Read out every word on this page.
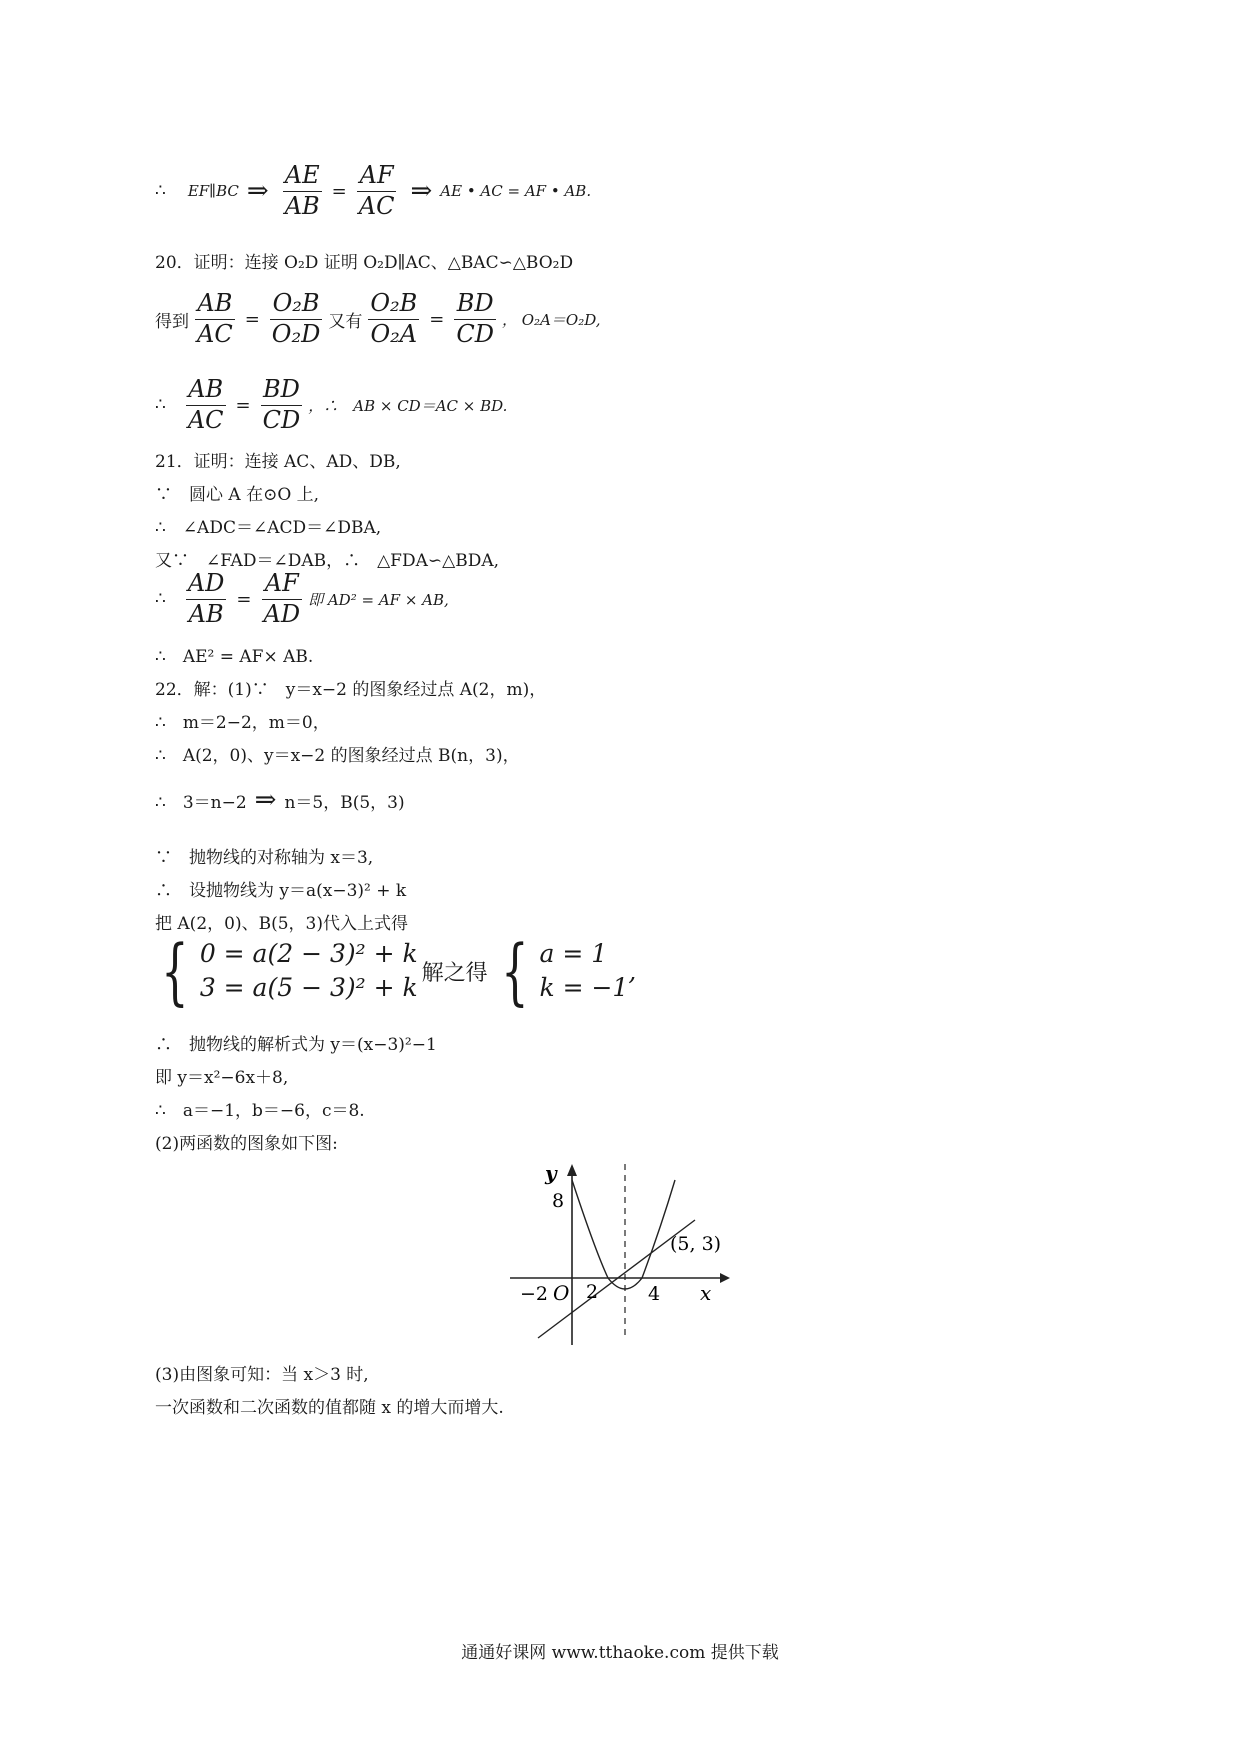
∴ EF∥BC ⇒ $\frac{AE}{AB} = \frac{AF}{AC}$ ⇒ AE • AC = AF • AB.
20．证明：连接 O₂D 证明 O₂D∥AC、△BAC∽△BO₂D
得到 $\frac{AB}{AC} = \frac{\text{O₂B}}{\text{O₂D}}$ 又有 $\frac{\text{O₂B}}{\text{O₂A}} = \frac{BD}{CD}$ ， O₂A＝O₂D,
∴ $\frac{AB}{AC} = \frac{BD}{CD}$ ，∴　AB × CD＝AC × BD.
21．证明：连接 AC、AD、DB,
∵　圆心 A 在⊙O 上,
∴　∠ADC＝∠ACD＝∠DBA,
又∵　∠FAD＝∠DAB，∴　△FDA∽△BDA,
∴ $\frac{AD}{AB} = \frac{AF}{AD}$ 即 AD² = AF × AB,
∴　AE² = AF× AB.
22．解：(1)∵　y＝x−2 的图象经过点 A(2，m)，
∴　m＝2−2，m＝0，
∴　A(2，0)、y＝x−2 的图象经过点 B(n，3)，
∴　3＝n−2 ⇒ n＝5，B(5，3)
∵　抛物线的对称轴为 x＝3,
∴　设抛物线为 y＝a(x−3)² + k
把 A(2，0)、B(5，3)代入上式得
{ 0 = a(2 − 3)² + k
3 = a(5 − 3)² + k 解之得 { a = 1
k = −1
,
∴　抛物线的解析式为 y＝(x−3)²−1
即 y＝x²−6x＋8,
∴　a＝−1，b＝−6，c＝8.
(2)两函数的图象如下图:
y
x
O
8
−2 2	4
(5, 3)
(3)由图象可知：当 x＞3 时,
一次函数和二次函数的值都随 x 的增大而增大.
通通好课网 www.tthaoke.com 提供下载
